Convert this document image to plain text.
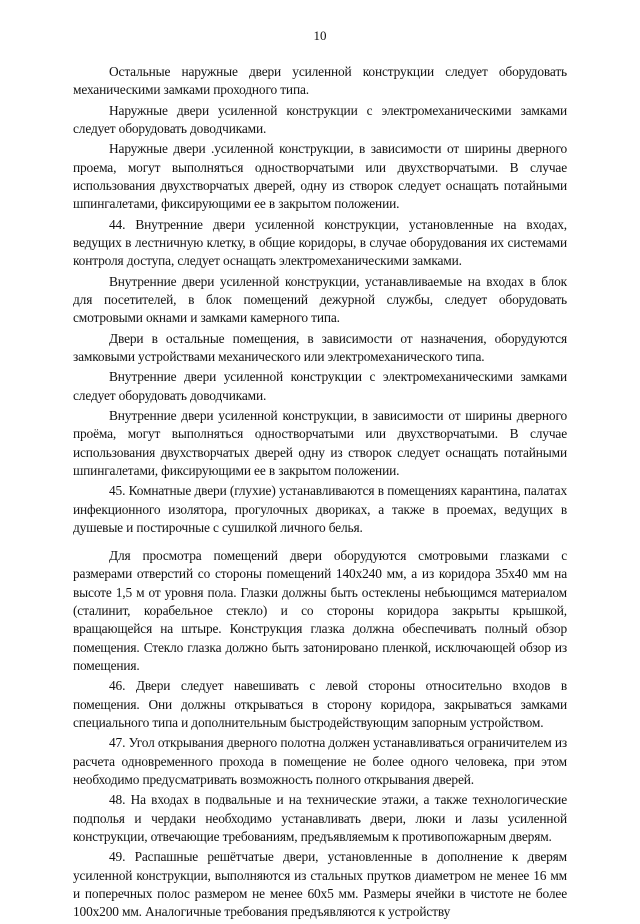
10

Остальные наружные двери усиленной конструкции следует оборудовать механическими замками проходного типа.

Наружные двери усиленной конструкции с электромеханическими замками следует оборудовать доводчиками.

Наружные двери .усиленной конструкции, в зависимости от ширины дверного проема, могут выполняться одностворчатыми или двухстворчатыми. В случае использования двухстворчатых дверей, одну из створок следует оснащать потайными шпингалетами, фиксирующими ее в закрытом положении.

44. Внутренние двери усиленной конструкции, установленные на входах, ведущих в лестничную клетку, в общие коридоры, в случае оборудования их системами контроля доступа, следует оснащать электромеханическими замками.

Внутренние двери усиленной конструкции, устанавливаемые на входах в блок для посетителей, в блок помещений дежурной службы, следует оборудовать смотровыми окнами и замками камерного типа.

Двери в остальные помещения, в зависимости от назначения, оборудуются замковыми устройствами механического или электромеханического типа.

Внутренние двери усиленной конструкции с электромеханическими замками следует оборудовать доводчиками.

Внутренние двери усиленной конструкции, в зависимости от ширины дверного проёма, могут выполняться одностворчатыми или двухстворчатыми. В случае использования двухстворчатых дверей одну из створок следует оснащать потайными шпингалетами, фиксирующими ее в закрытом положении.

45. Комнатные двери (глухие) устанавливаются в помещениях карантина, палатах инфекционного изолятора, прогулочных двориках, а также в проемах, ведущих в душевые и постирочные с сушилкой личного белья.

Для просмотра помещений двери оборудуются смотровыми глазками с размерами отверстий со стороны помещений 140x240 мм, а из коридора 35x40 мм на высоте 1,5 м от уровня пола. Глазки должны быть остеклены небьющимся материалом (сталинит, корабельное стекло) и со стороны коридора закрыты крышкой, вращающейся на штыре. Конструкция глазка должна обеспечивать полный обзор помещения. Стекло глазка должно быть затонировано пленкой, исключающей обзор из помещения.

46. Двери следует навешивать с левой стороны относительно входов в помещения. Они должны открываться в сторону коридора, закрываться замками специального типа и дополнительным быстродействующим запорным устройством.

47. Угол открывания дверного полотна должен устанавливаться ограничителем из расчета одновременного прохода в помещение не более одного человека, при этом необходимо предусматривать возможность полного открывания дверей.

48. На входах в подвальные и на технические этажи, а также технологические подполья и чердаки необходимо устанавливать двери, люки и лазы усиленной конструкции, отвечающие требованиям, предъявляемым к противопожарным дверям.

49. Распашные решётчатые двери, установленные в дополнение к дверям усиленной конструкции, выполняются из стальных прутков диаметром не менее 16 мм и поперечных полос размером не менее 60x5 мм. Размеры ячейки в чистоте не более 100x200 мм. Аналогичные требования предъявляются к устройству
